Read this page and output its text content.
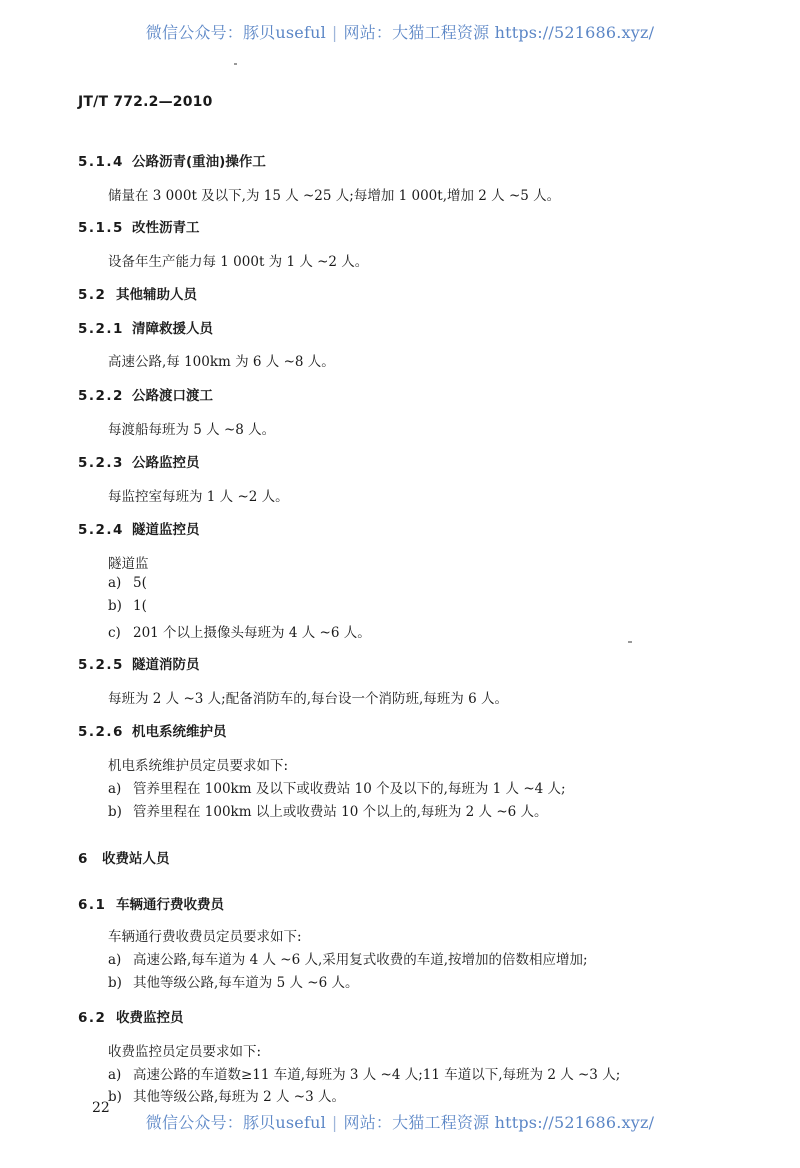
微信公众号：豚贝useful | 网站：大猫工程资源 https://521686.xyz/
JT/T 772.2—2010
5.1.4 公路沥青(重油)操作工
储量在 3 000t 及以下,为 15 人 ~25 人;每增加 1 000t,增加 2 人 ~5 人。
5.1.5 改性沥青工
设备年生产能力每 1 000t 为 1 人 ~2 人。
5.2 其他辅助人员
5.2.1 清障救援人员
高速公路,每 100km 为 6 人 ~8 人。
5.2.2 公路渡口渡工
每渡船每班为 5 人 ~8 人。
5.2.3 公路监控员
每监控室每班为 1 人 ~2 人。
5.2.4 隧道监控员
隧道监
a) 5(
b) 1(
c) 201 个以上摄像头每班为 4 人 ~6 人。
5.2.5 隧道消防员
每班为 2 人 ~3 人;配备消防车的,每台设一个消防班,每班为 6 人。
5.2.6 机电系统维护员
机电系统维护员定员要求如下:
a) 管养里程在 100km 及以下或收费站 10 个及以下的,每班为 1 人 ~4 人;
b) 管养里程在 100km 以上或收费站 10 个以上的,每班为 2 人 ~6 人。
6 收费站人员
6.1 车辆通行费收费员
车辆通行费收费员定员要求如下:
a) 高速公路,每车道为 4 人 ~6 人,采用复式收费的车道,按增加的倍数相应增加;
b) 其他等级公路,每车道为 5 人 ~6 人。
6.2 收费监控员
收费监控员定员要求如下:
a) 高速公路的车道数≥11 车道,每班为 3 人 ~4 人;11 车道以下,每班为 2 人 ~3 人;
b) 其他等级公路,每班为 2 人 ~3 人。
22
微信公众号：豚贝useful | 网站：大猫工程资源 https://521686.xyz/
